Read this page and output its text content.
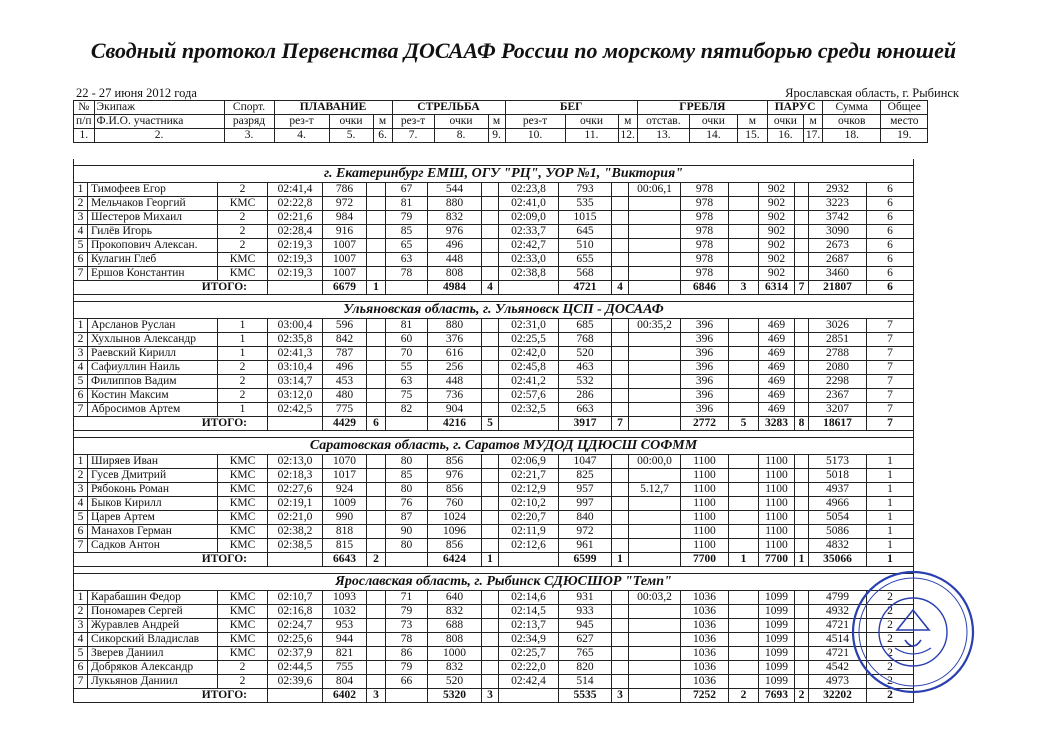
Сводный протокол Первенства ДОСААФ России по морскому пятиборью среди юношей
22 - 27 июня 2012 года	Ярославская область, г. Рыбинск
№	Экипаж	Спорт.	ПЛАВАНИЕ			СТРЕЛЬБА			БЕГ			ГРЕБЛЯ			ПАРУС		Сумма	Общее
п/п	Ф.И.О. участника	разряд	рез-т	очки	м	рез-т	очки	м	рез-т	очки	м	отстав.	очки	м	очки	м	очков	место
1.	2.	3.	4.	5.	6.	7.	8.	9.	10.	11.	12.	13.	14.	15.	16.	17.	18.	19.

г. Екатеринбург ЕМШ, ОГУ "РЦ", УОР №1, "Виктория"																		
1	Тимофеев Егор	2	02:41,4	786		67	544		02:23,8	793		00:06,1	978		902		2932	6
2	Мельчаков Георгий	КМС	02:22,8	972		81	880		02:41,0	535			978		902		3223	6
3	Шестеров Михаил	2	02:21,6	984		79	832		02:09,0	1015			978		902		3742	6
4	Гилёв Игорь	2	02:28,4	916		85	976		02:33,7	645			978		902		3090	6
5	Прокопович Алексан.	2	02:19,3	1007		65	496		02:42,7	510			978		902		2673	6
6	Кулагин Глеб	КМС	02:19,3	1007		63	448		02:33,0	655			978		902		2687	6
7	Ершов Константин	КМС	02:19,3	1007		78	808		02:38,8	568			978		902		3460	6
ИТОГО:				6679	1		4984	4		4721	4		6846	3	6314	7	21807	6

Ульяновская область, г. Ульяновск ЦСП - ДОСААФ																		
1	Арсланов Руслан	1	03:00,4	596		81	880		02:31,0	685		00:35,2	396		469		3026	7
2	Хухлынов Александр	1	02:35,8	842		60	376		02:25,5	768			396		469		2851	7
3	Раевский Кирилл	1	02:41,3	787		70	616		02:42,0	520			396		469		2788	7
4	Сафиуллин Наиль	2	03:10,4	496		55	256		02:45,8	463			396		469		2080	7
5	Филиппов Вадим	2	03:14,7	453		63	448		02:41,2	532			396		469		2298	7
6	Костин Максим	2	03:12,0	480		75	736		02:57,6	286			396		469		2367	7
7	Абросимов Артем	1	02:42,5	775		82	904		02:32,5	663			396		469		3207	7
ИТОГО:				4429	6		4216	5		3917	7		2772	5	3283	8	18617	7

Саратовская область, г. Саратов МУДОД ЦДЮСШ СОФММ																		
1	Ширяев Иван	КМС	02:13,0	1070		80	856		02:06,9	1047		00:00,0	1100		1100		5173	1
2	Гусев Дмитрий	КМС	02:18,3	1017		85	976		02:21,7	825			1100		1100		5018	1
3	Рябоконь Роман	КМС	02:27,6	924		80	856		02:12,9	957		5.12,7	1100		1100		4937	1
4	Быков Кирилл	КМС	02:19,1	1009		76	760		02:10,2	997			1100		1100		4966	1
5	Царев Артем	КМС	02:21,0	990		87	1024		02:20,7	840			1100		1100		5054	1
6	Манахов Герман	КМС	02:38,2	818		90	1096		02:11,9	972			1100		1100		5086	1
7	Садков Антон	КМС	02:38,5	815		80	856		02:12,6	961			1100		1100		4832	1
ИТОГО:				6643	2		6424	1		6599	1		7700	1	7700	1	35066	1

Ярославская область, г. Рыбинск СДЮСШОР "Темп"																		
1	Карабашин Федор	КМС	02:10,7	1093		71	640		02:14,6	931		00:03,2	1036		1099		4799	2
2	Пономарев Сергей	КМС	02:16,8	1032		79	832		02:14,5	933			1036		1099		4932	2
3	Журавлев Андрей	КМС	02:24,7	953		73	688		02:13,7	945			1036		1099		4721	2
4	Сикорский Владислав	КМС	02:25,6	944		78	808		02:34,9	627			1036		1099		4514	2
5	Зверев Даниил	КМС	02:37,9	821		86	1000		02:25,7	765			1036		1099		4721	2
6	Добряков Александр	2	02:44,5	755		79	832		02:22,0	820			1036		1099		4542	2
7	Лукьянов Даниил	2	02:39,6	804		66	520		02:42,4	514			1036		1099		4973	2
ИТОГО:				6402	3		5320	3		5535	3		7252	2	7693	2	32202	2
